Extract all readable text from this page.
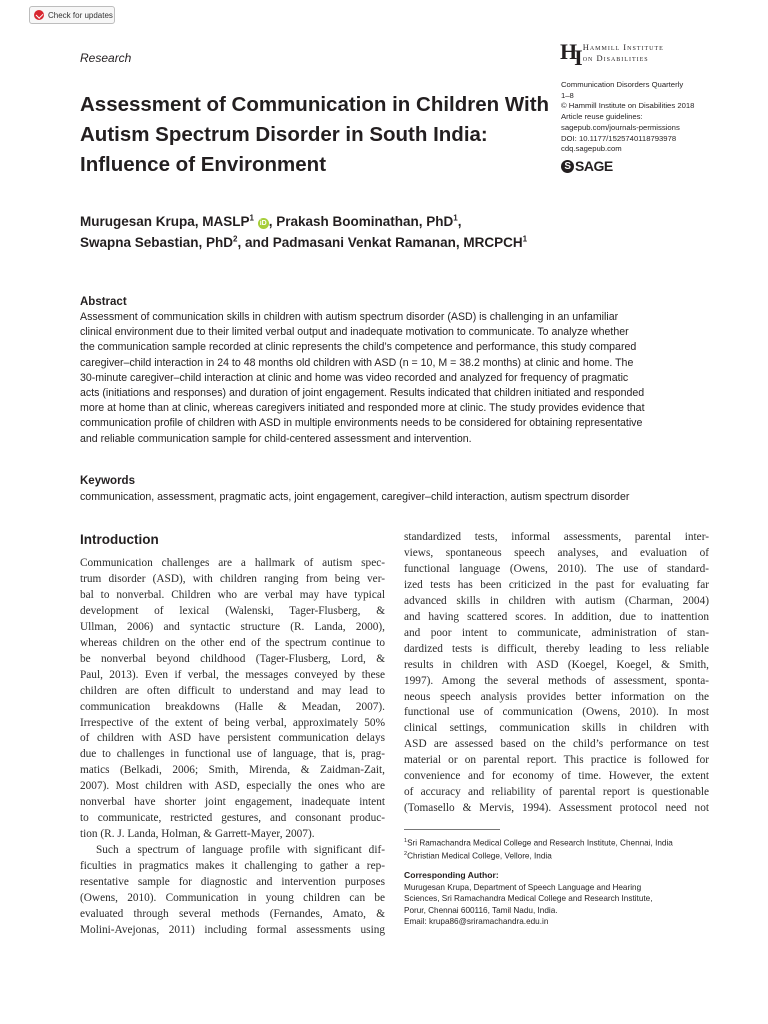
Check for updates
Research	HI Hammill Institute
on Disabilities
Assessment of Communication in Children With Autism Spectrum Disorder in South India: Influence of Environment
Communication Disorders Quarterly
1–8
© Hammill Institute on Disabilities 2018
Article reuse guidelines:
sagepub.com/journals-permissions
DOI: 10.1177/1525740118793978
cdq.sagepub.com
S SAGE
Murugesan Krupa, MASLP$^1$ iD , Prakash Boominathan, PhD$^1$,
Swapna Sebastian, PhD$^2$, and Padmasani Venkat Ramanan, MRCPCH$^1$
Abstract
Assessment of communication skills in children with autism spectrum disorder (ASD) is challenging in an unfamiliar
clinical environment due to their limited verbal output and inadequate motivation to communicate. To analyze whether
the communication sample recorded at clinic represents the child’s competence and performance, this study compared
caregiver–child interaction in 24 to 48 months old children with ASD (n = 10, M = 38.2 months) at clinic and home. The
30-minute caregiver–child interaction at clinic and home was video recorded and analyzed for frequency of pragmatic
acts (initiations and responses) and duration of joint engagement. Results indicated that children initiated and responded
more at home than at clinic, whereas caregivers initiated and responded more at clinic. The study provides evidence that
communication profile of children with ASD in multiple environments needs to be considered for obtaining representative
and reliable communication sample for child-centered assessment and intervention.
Keywords
communication, assessment, pragmatic acts, joint engagement, caregiver–child interaction, autism spectrum disorder
Introduction
Communication challenges are a hallmark of autism spec-
trum disorder (ASD), with children ranging from being ver-
bal to nonverbal. Children who are verbal may have typical
development of lexical (Walenski, Tager-Flusberg, &
Ullman, 2006) and syntactic structure (R. Landa, 2000),
whereas children on the other end of the spectrum continue to
be nonverbal beyond childhood (Tager-Flusberg, Lord, &
Paul, 2013). Even if verbal, the messages conveyed by these
children are often difficult to understand and may lead to
communication breakdowns (Halle & Meadan, 2007).
Irrespective of the extent of being verbal, approximately 50%
of children with ASD have persistent communication delays
due to challenges in functional use of language, that is, prag-
matics (Belkadi, 2006; Smith, Mirenda, & Zaidman-Zait,
2007). Most children with ASD, especially the ones who are
nonverbal have shorter joint engagement, inadequate intent
to communicate, restricted gestures, and consonant produc-
tion (R. J. Landa, Holman, & Garrett-Mayer, 2007).
Such a spectrum of language profile with significant dif-
ficulties in pragmatics makes it challenging to gather a rep-
resentative sample for diagnostic and intervention purposes
(Owens, 2010). Communication in young children can be
evaluated through several methods (Fernandes, Amato, &
Molini-Avejonas, 2011) including formal assessments using
standardized tests, informal assessments, parental inter-
views, spontaneous speech analyses, and evaluation of
functional language (Owens, 2010). The use of standard-
ized tests has been criticized in the past for evaluating far
advanced skills in children with autism (Charman, 2004)
and having scattered scores. In addition, due to inattention
and poor intent to communicate, administration of stan-
dardized tests is difficult, thereby leading to less reliable
results in children with ASD (Koegel, Koegel, & Smith,
1997). Among the several methods of assessment, sponta-
neous speech analysis provides better information on the
functional use of communication (Owens, 2010). In most
clinical settings, communication skills in children with
ASD are assessed based on the child’s performance on test
material or on parental report. This practice is followed for
convenience and for economy of time. However, the extent
of accuracy and reliability of parental report is questionable
(Tomasello & Mervis, 1994). Assessment protocol need not
$^1$Sri Ramachandra Medical College and Research Institute, Chennai, India
$^2$Christian Medical College, Vellore, India
Corresponding Author:
Murugesan Krupa, Department of Speech Language and Hearing
Sciences, Sri Ramachandra Medical College and Research Institute,
Porur, Chennai 600116, Tamil Nadu, India.
Email: krupa86@sriramachandra.edu.in
